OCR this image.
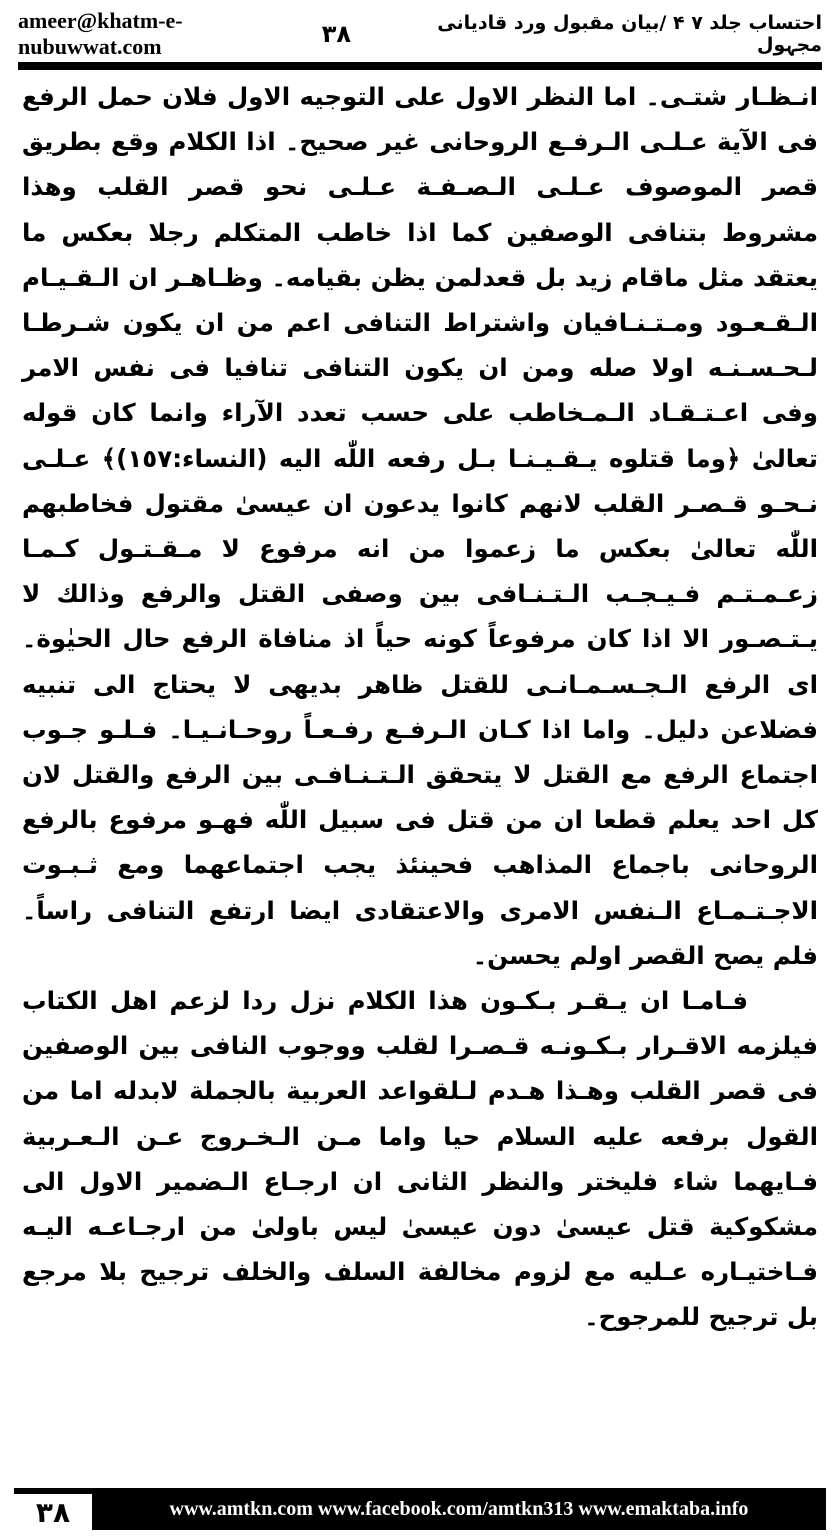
ameer@khatm-e-nubuwwat.com
احتساب جلد ۷ ۴ /بیان مقبول ورد قادیانی مجہول
۳۸

انـظـار شتـى۔ اما النظر الاول على التوجيه الاول فلان حمل الرفع فى الآية عـلـى الـرفـع الروحانى غير صحيح۔ اذا الكلام وقع بطريق قصر الموصوف عـلـى الـصـفـة عـلـى نحو قصر القلب وهذا مشروط بتنافى الوصفين كما اذا خاطب المتكلم رجلا بعكس ما يعتقد مثل ماقام زيد بل قعدلمن يظن بقيامه۔ وظـاهـر ان الـقـيـام الـقـعـود ومـتـنـافيان واشتراط التنافى اعم من ان يكون شـرطـا لـحـسـنـه اولا صله ومن ان يكون التنافى تنافيا فى نفس الامر وفى اعـتـقـاد الـمـخاطب على حسب تعدد الآراء وانما كان قوله تعالىٰ ﴿وما قتلوه يـقـيـنـا بـل رفعه اللّٰه اليه (النساء:١٥٧)﴾ عـلـى نـحـو قـصـر القلب لانهم كانوا يدعون ان عيسىٰ مقتول فخاطبهم اللّٰه تعالىٰ بعكس ما زعموا من انه مرفوع لا مـقـتـول كـمـا زعـمـتـم فـيـجـب الـتـنـافى بين وصفى القتل والرفع وذالك لا يـتـصـور الا اذا كان مرفوعاً كونه حياً اذ منافاة الرفع حال الحيٰوة۔ اى الرفع الـجـسـمـانـى للقتل ظاهر بديهى لا يحتاج الى تنبيه فضلاعن دليل۔ واما اذا كـان الـرفـع رفـعـاً روحـانـيـا۔ فـلـو جـوب اجتماع الرفع مع القتل لا يتحقق الـتـنـافـى بين الرفع والقتل لان كل احد يعلم قطعا ان من قتل فى سبيل اللّٰه فهـو مرفوع بالرفع الروحانى باجماع المذاهب فحينئذ يجب اجتماعهما ومع ثـبـوت الاجـتـمـاع الـنفس الامرى والاعتقادى ايضا ارتفع التنافى راساً۔ فلم يصح القصر اولم يحسن۔

فـامـا ان يـقـر بـكـون هذا الكلام نزل ردا لزعم اهل الكتاب فيلزمه الاقـرار بـكـونـه قـصـرا لقلب ووجوب النافى بين الوصفين فى قصر القلب وهـذا هـدم لـلقواعد العربية بالجملة لابدله اما من القول برفعه عليه السلام حيا واما مـن الـخـروج عـن الـعـربية فـايهما شاء فليختر والنظر الثانى ان ارجـاع الـضمير الاول الى مشكوكية قتل عيسىٰ دون عيسىٰ ليس باولىٰ من ارجـاعـه اليـه فـاختيـاره عـليه مع لزوم مخالفة السلف والخلف ترجيح بلا مرجع بل ترجيح للمرجوح۔

۳۸	www.amtkn.com www.facebook.com/amtkn313 www.emaktaba.info
